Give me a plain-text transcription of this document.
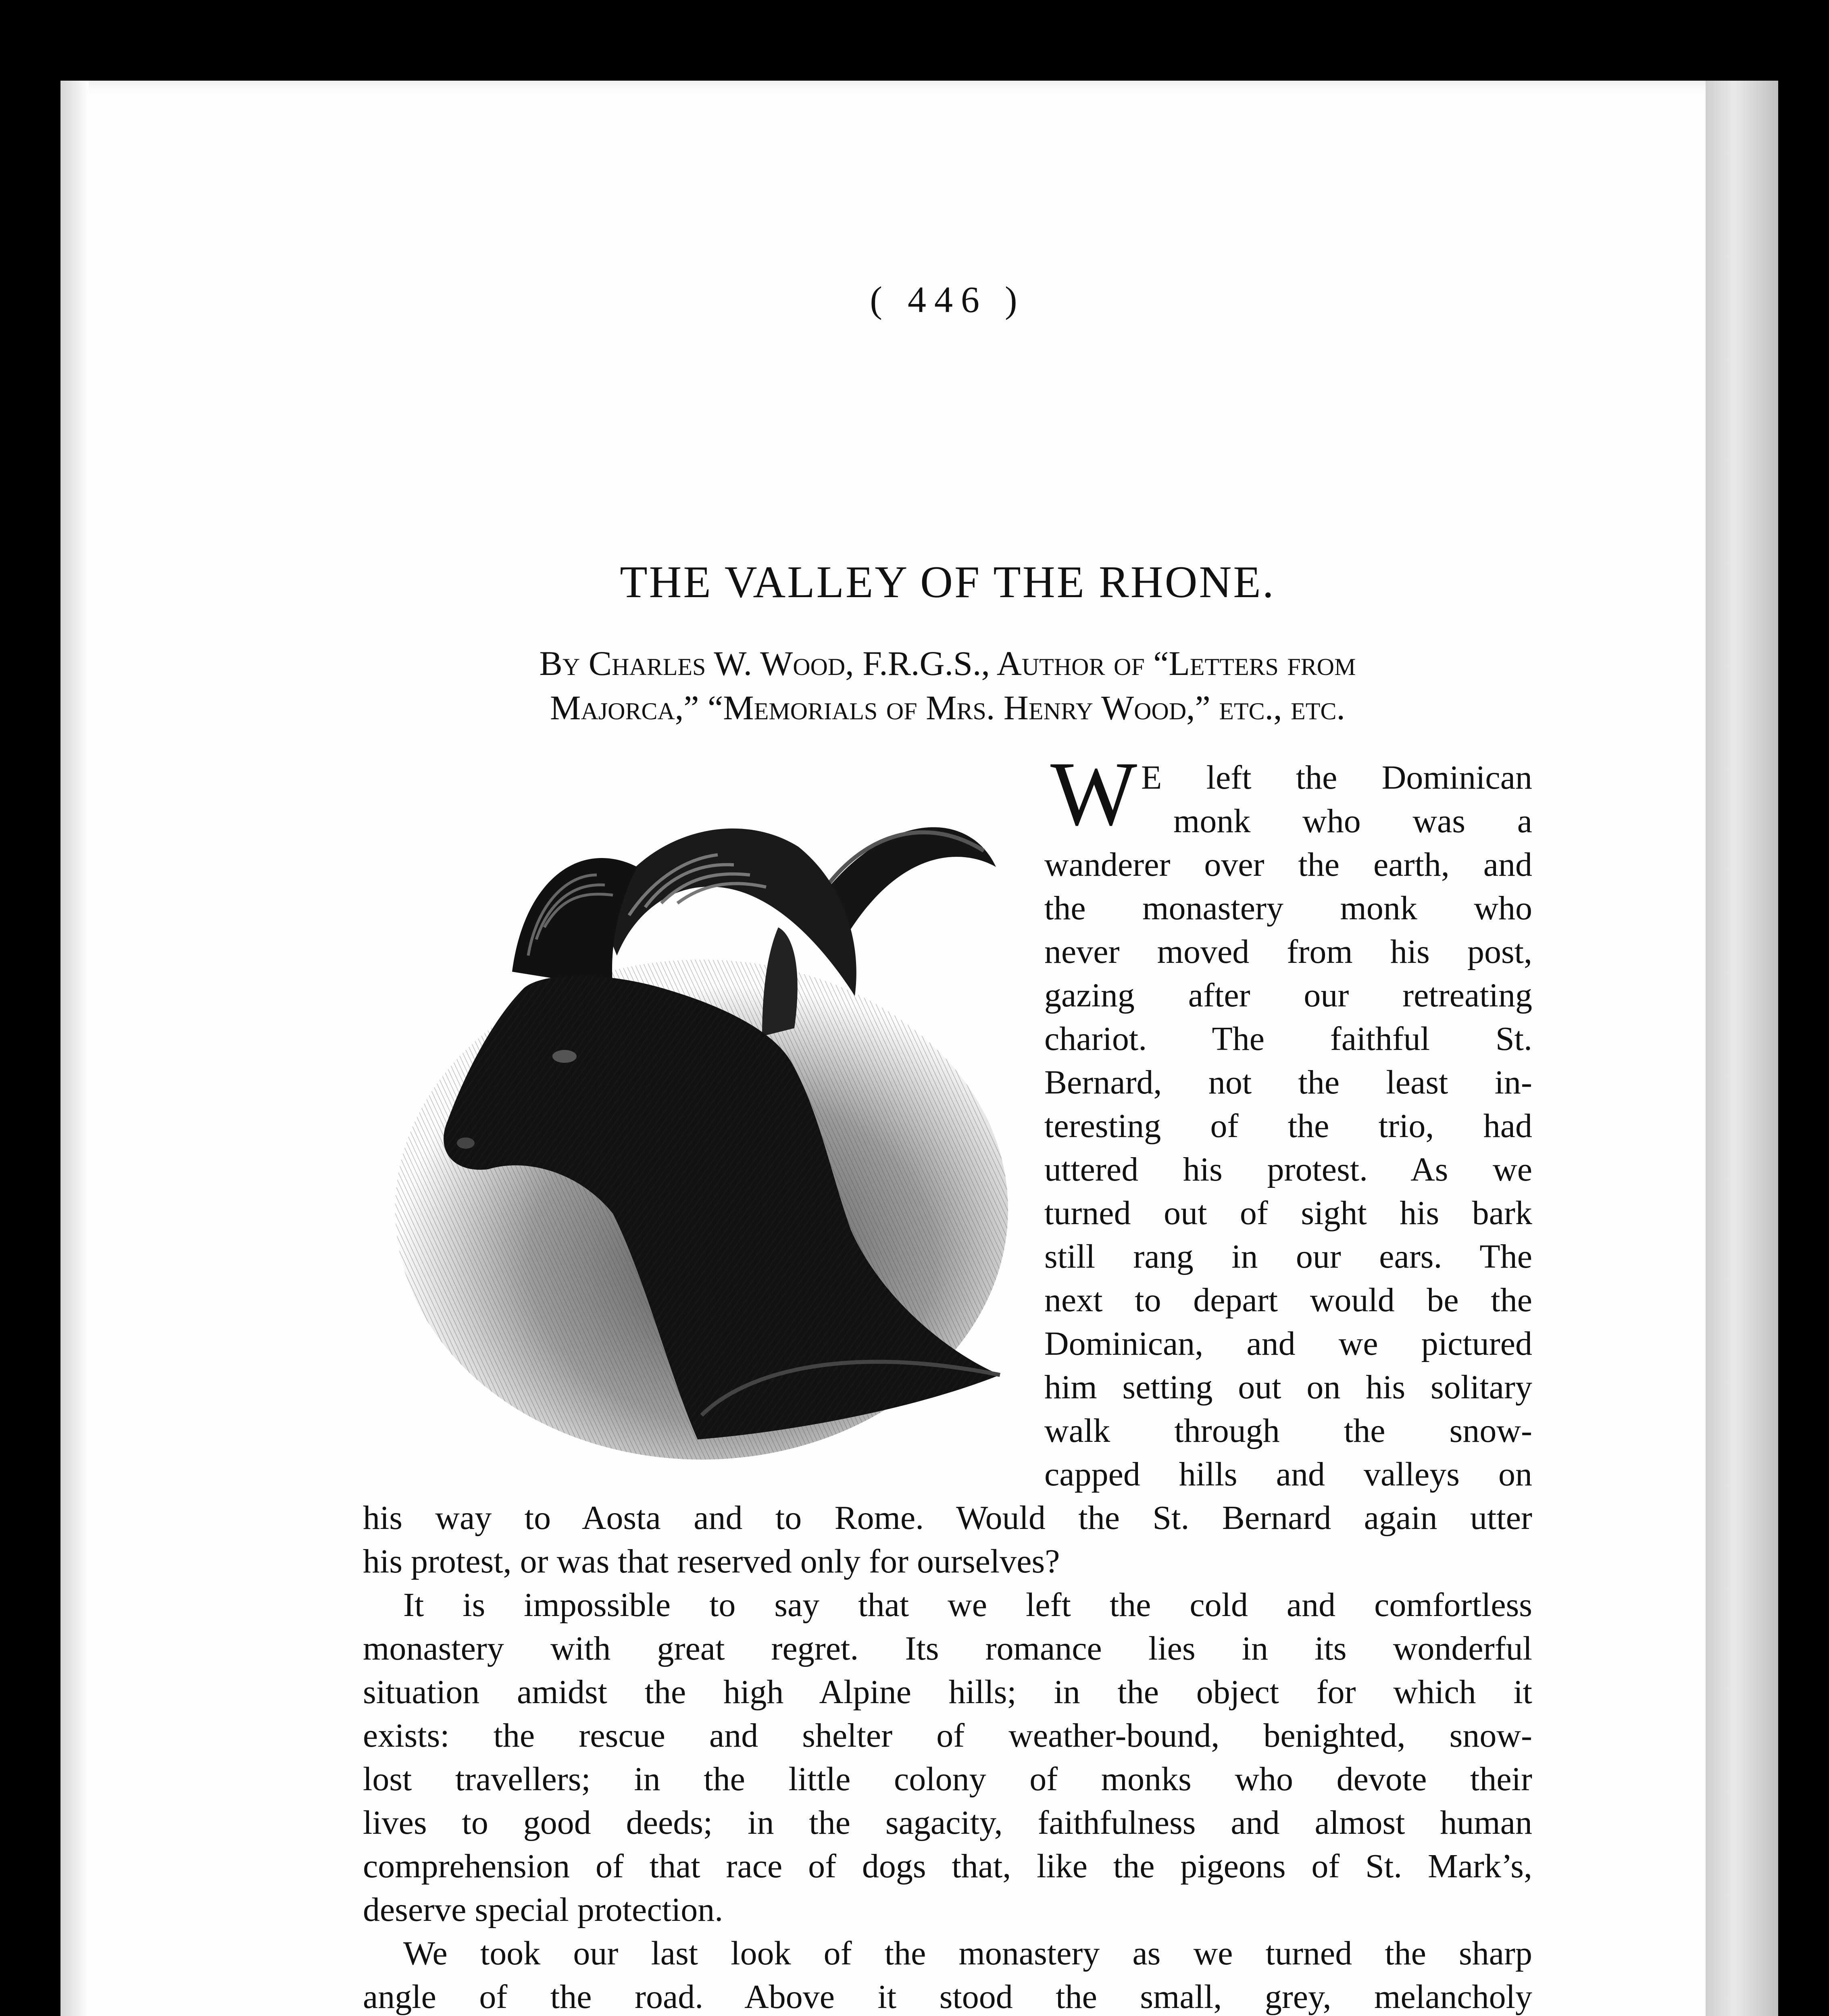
( 446 )
THE VALLEY OF THE RHONE.
By Charles W. Wood, F.R.G.S., Author of “Letters from
Majorca,” “Memorials of Mrs. Henry Wood,” etc., etc.
W E left the Dominican
monk who was a
wanderer over the earth, and
the monastery monk who
never moved from his post,
gazing after our retreating
chariot. The faithful St.
Bernard, not the least in-
teresting of the trio, had
uttered his protest. As we
turned out of sight his bark
still rang in our ears. The
next to depart would be the
Dominican, and we pictured
him setting out on his solitary
walk through the snow-
capped hills and valleys on
his way to Aosta and to Rome. Would the St. Bernard again utter
his protest, or was that reserved only for ourselves?
It is impossible to say that we left the cold and comfortless
monastery with great regret. Its romance lies in its wonderful
situation amidst the high Alpine hills; in the object for which it
exists: the rescue and shelter of weather-bound, benighted, snow-
lost travellers; in the little colony of monks who devote their
lives to good deeds; in the sagacity, faithfulness and almost human
comprehension of that race of dogs that, like the pigeons of St. Mark’s,
deserve special protection.
We took our last look of the monastery as we turned the sharp
angle of the road. Above it stood the small, grey, melancholy
